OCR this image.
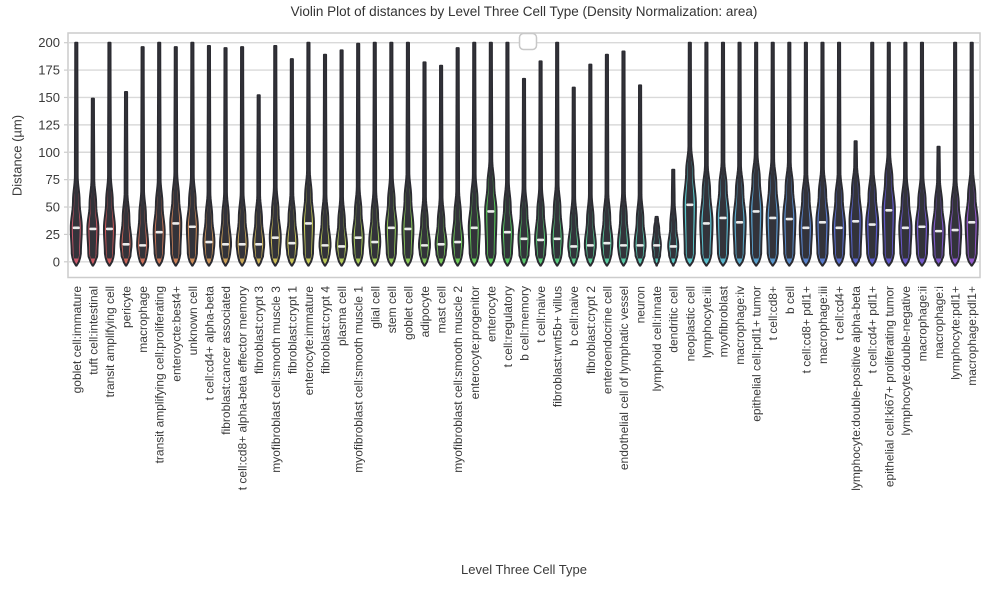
Violin Plot of distances by Level Three Cell Type (Density Normalization: area)
Distance (µm)
Level Three Cell Type
0
25
50
75
100
125
150
175
200
goblet cell:immature tuft cell:intestinal transit amplifying cell pericyte macrophage transit amplifying cell:proliferating enteroycte:best4+ unknown cell t cell:cd4+ alpha-beta fibroblast:cancer associated t cell:cd8+ alpha-beta effector memory fibroblast:crypt 3 myofibroblast cell:smooth muscle 3 fibroblast:crypt 1 enterocyte:immature fibroblast:crypt 4 plasma cell myofibroblast cell:smooth muscle 1 glial cell stem cell goblet cell adipocyte mast cell myofibroblast cell:smooth muscle 2 enterocyte:progenitor enterocyte t cell:regulatory b cell:memory t cell:naive fibroblast:wnt5b+ villus b cell:naive fibroblast:crypt 2 enteroendocrine cell endothelial cell of lymphatic vessel neuron lymphoid cell:innate dendritic cell neoplastic cell lymphocyte:iii myofibroblast macrophage:iv epithelial cell:pdl1+ tumor t cell:cd8+ b cell t cell:cd8+ pdl1+ macrophage:iii t cell:cd4+ lymphocyte:double-positive alpha-beta t cell:cd4+ pdl1+ epithelial cell:ki67+ proliferating tumor lymphocyte:double-negative macrophage:ii macrophage:i lymphocyte:pdl1+ macrophage:pdl1+
